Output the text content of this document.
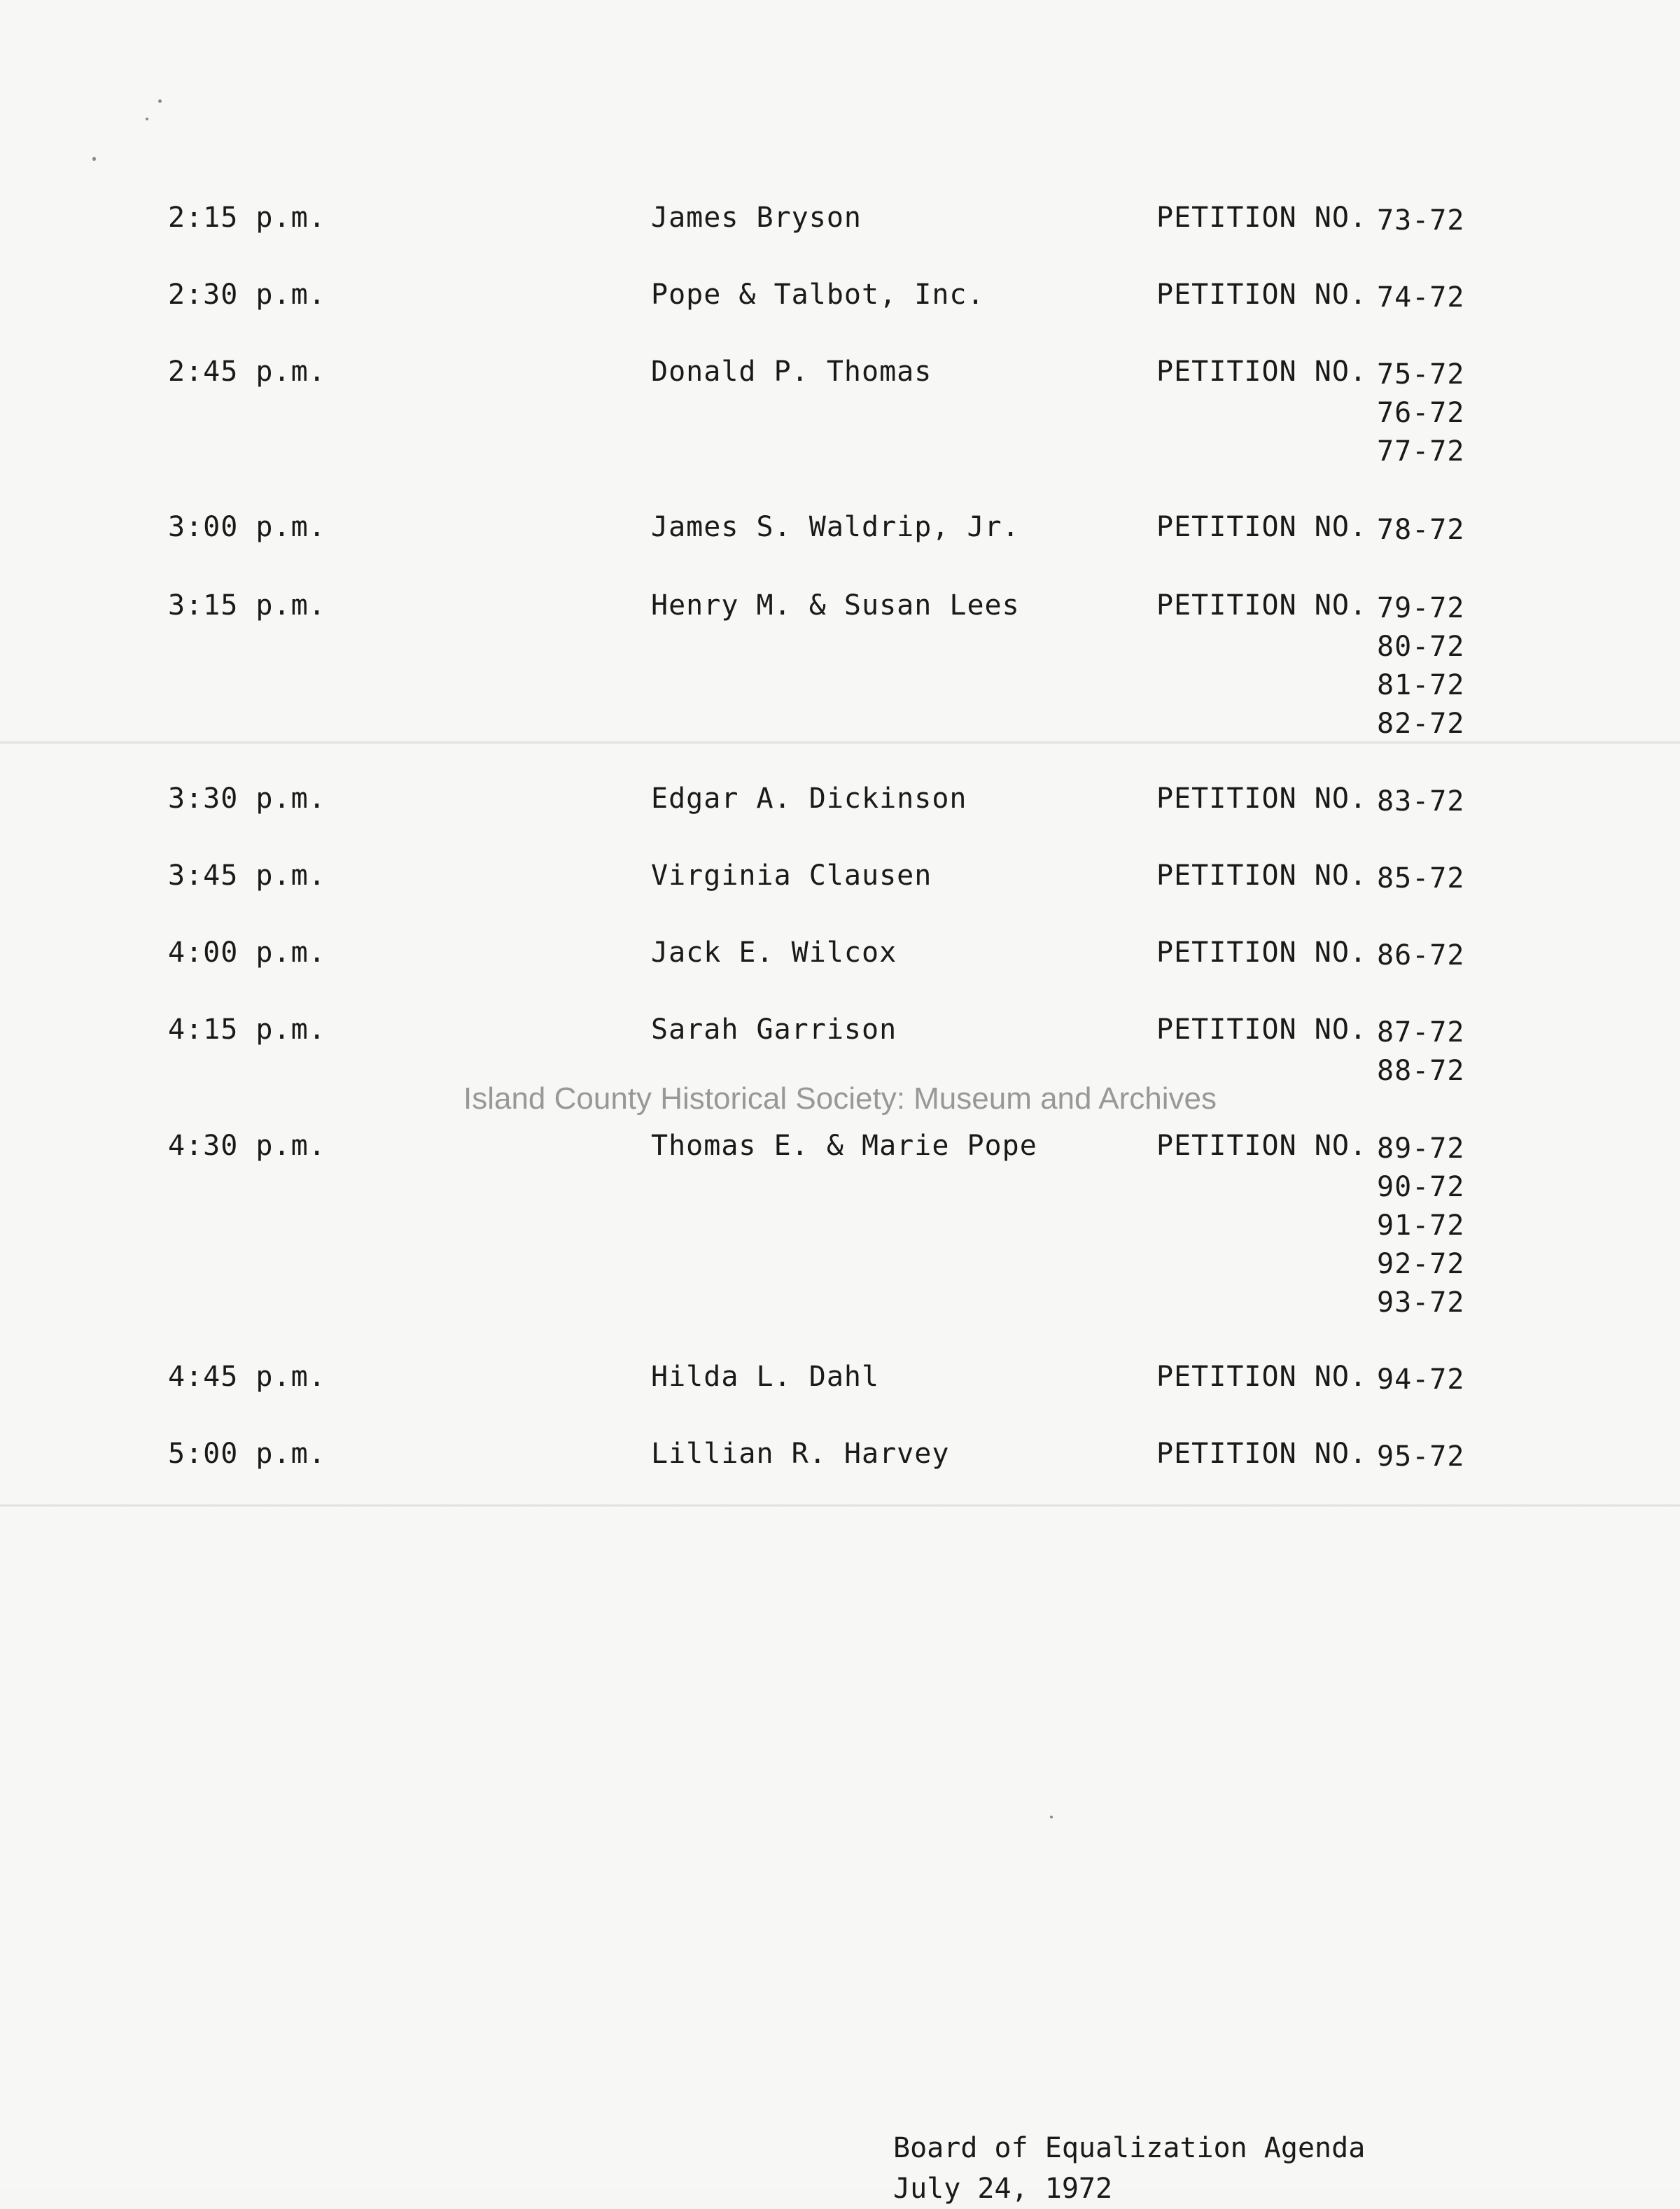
2:15 p.m.	James Bryson	PETITION NO. 73-72
2:30 p.m.	Pope & Talbot, Inc.	PETITION NO. 74-72
2:45 p.m.	Donald P. Thomas	PETITION NO. 75-72
76-72
77-72
3:00 p.m.	James S. Waldrip, Jr.	PETITION NO. 78-72
3:15 p.m.	Henry M. & Susan Lees	PETITION NO. 79-72
80-72
81-72
82-72
3:30 p.m.	Edgar A. Dickinson	PETITION NO. 83-72
3:45 p.m.	Virginia Clausen	PETITION NO. 85-72
4:00 p.m.	Jack E. Wilcox	PETITION NO. 86-72
4:15 p.m.	Sarah Garrison	PETITION NO. 87-72
88-72
4:30 p.m.	Thomas E. & Marie Pope	PETITION NO. 89-72
90-72
91-72
92-72
93-72
4:45 p.m.	Hilda L. Dahl	PETITION NO. 94-72
5:00 p.m.	Lillian R. Harvey	PETITION NO. 95-72
Island County Historical Society: Museum and Archives
Board of Equalization Agenda
July 24, 1972
